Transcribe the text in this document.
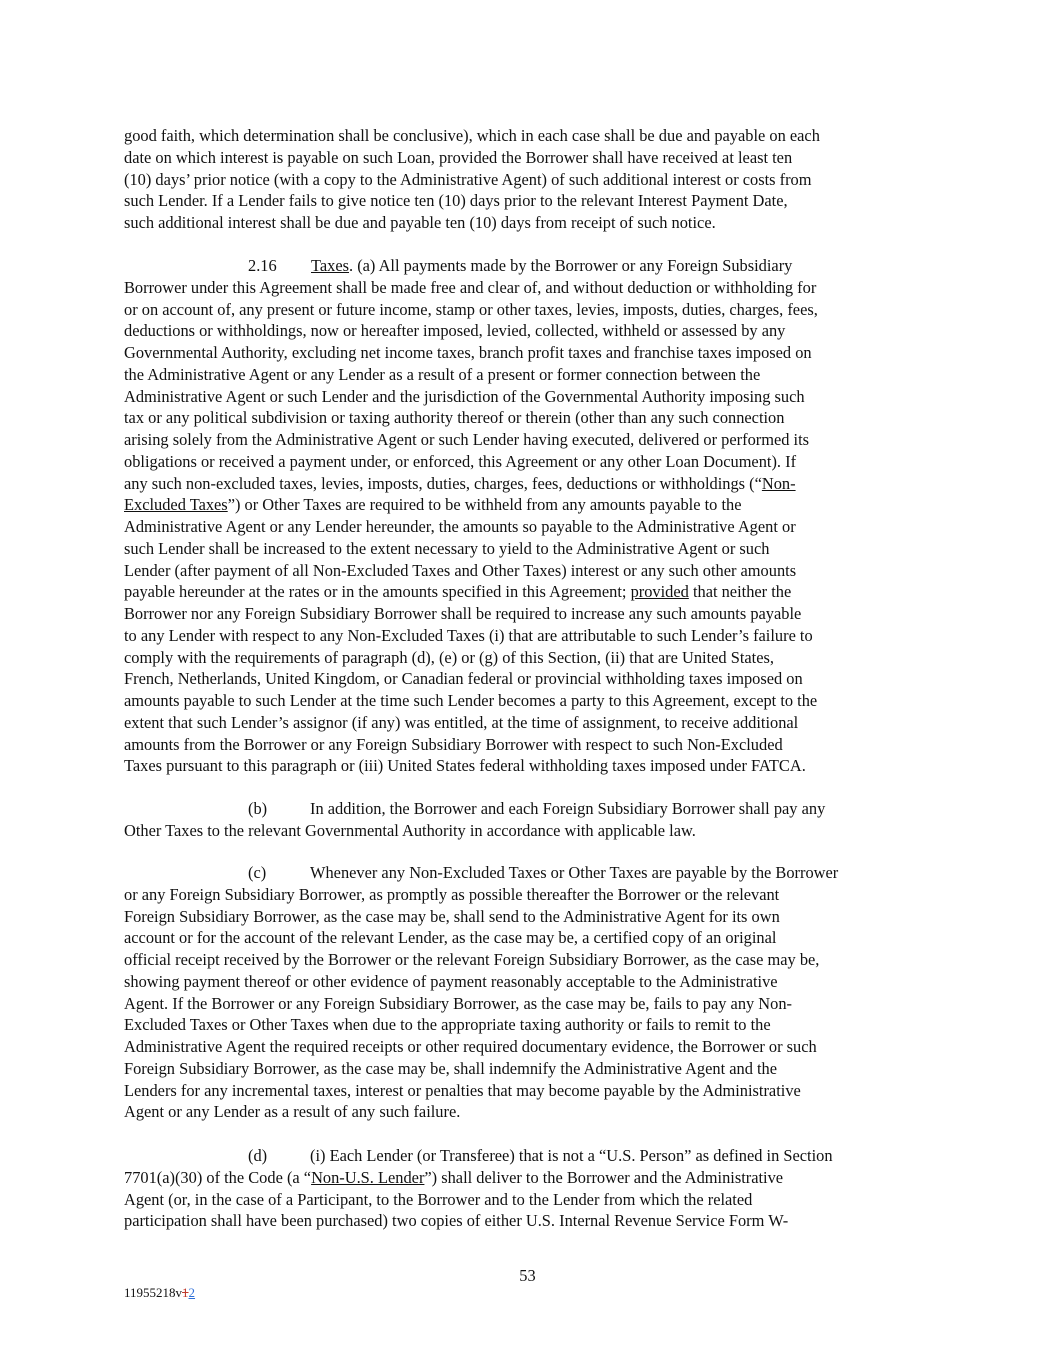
good faith, which determination shall be conclusive), which in each case shall be due and payable on each
date on which interest is payable on such Loan, provided the Borrower shall have received at least ten
(10) days’ prior notice (with a copy to the Administrative Agent) of such additional interest or costs from
such Lender. If a Lender fails to give notice ten (10) days prior to the relevant Interest Payment Date,
such additional interest shall be due and payable ten (10) days from receipt of such notice.
2.16 Taxes. (a) All payments made by the Borrower or any Foreign Subsidiary
Borrower under this Agreement shall be made free and clear of, and without deduction or withholding for
or on account of, any present or future income, stamp or other taxes, levies, imposts, duties, charges, fees,
deductions or withholdings, now or hereafter imposed, levied, collected, withheld or assessed by any
Governmental Authority, excluding net income taxes, branch profit taxes and franchise taxes imposed on
the Administrative Agent or any Lender as a result of a present or former connection between the
Administrative Agent or such Lender and the jurisdiction of the Governmental Authority imposing such
tax or any political subdivision or taxing authority thereof or therein (other than any such connection
arising solely from the Administrative Agent or such Lender having executed, delivered or performed its
obligations or received a payment under, or enforced, this Agreement or any other Loan Document). If
any such non-excluded taxes, levies, imposts, duties, charges, fees, deductions or withholdings (“Non-
Excluded Taxes”) or Other Taxes are required to be withheld from any amounts payable to the
Administrative Agent or any Lender hereunder, the amounts so payable to the Administrative Agent or
such Lender shall be increased to the extent necessary to yield to the Administrative Agent or such
Lender (after payment of all Non-Excluded Taxes and Other Taxes) interest or any such other amounts
payable hereunder at the rates or in the amounts specified in this Agreement; provided that neither the
Borrower nor any Foreign Subsidiary Borrower shall be required to increase any such amounts payable
to any Lender with respect to any Non-Excluded Taxes (i) that are attributable to such Lender’s failure to
comply with the requirements of paragraph (d), (e) or (g) of this Section, (ii) that are United States,
French, Netherlands, United Kingdom, or Canadian federal or provincial withholding taxes imposed on
amounts payable to such Lender at the time such Lender becomes a party to this Agreement, except to the
extent that such Lender’s assignor (if any) was entitled, at the time of assignment, to receive additional
amounts from the Borrower or any Foreign Subsidiary Borrower with respect to such Non-Excluded
Taxes pursuant to this paragraph or (iii) United States federal withholding taxes imposed under FATCA.
(b)	In addition, the Borrower and each Foreign Subsidiary Borrower shall pay any
Other Taxes to the relevant Governmental Authority in accordance with applicable law.
(c)	Whenever any Non-Excluded Taxes or Other Taxes are payable by the Borrower
or any Foreign Subsidiary Borrower, as promptly as possible thereafter the Borrower or the relevant
Foreign Subsidiary Borrower, as the case may be, shall send to the Administrative Agent for its own
account or for the account of the relevant Lender, as the case may be, a certified copy of an original
official receipt received by the Borrower or the relevant Foreign Subsidiary Borrower, as the case may be,
showing payment thereof or other evidence of payment reasonably acceptable to the Administrative
Agent. If the Borrower or any Foreign Subsidiary Borrower, as the case may be, fails to pay any Non-
Excluded Taxes or Other Taxes when due to the appropriate taxing authority or fails to remit to the
Administrative Agent the required receipts or other required documentary evidence, the Borrower or such
Foreign Subsidiary Borrower, as the case may be, shall indemnify the Administrative Agent and the
Lenders for any incremental taxes, interest or penalties that may become payable by the Administrative
Agent or any Lender as a result of any such failure.
(d)	(i) Each Lender (or Transferee) that is not a “U.S. Person” as defined in Section
7701(a)(30) of the Code (a “Non-U.S. Lender”) shall deliver to the Borrower and the Administrative
Agent (or, in the case of a Participant, to the Borrower and to the Lender from which the related
participation shall have been purchased) two copies of either U.S. Internal Revenue Service Form W-
53
11955218v12
